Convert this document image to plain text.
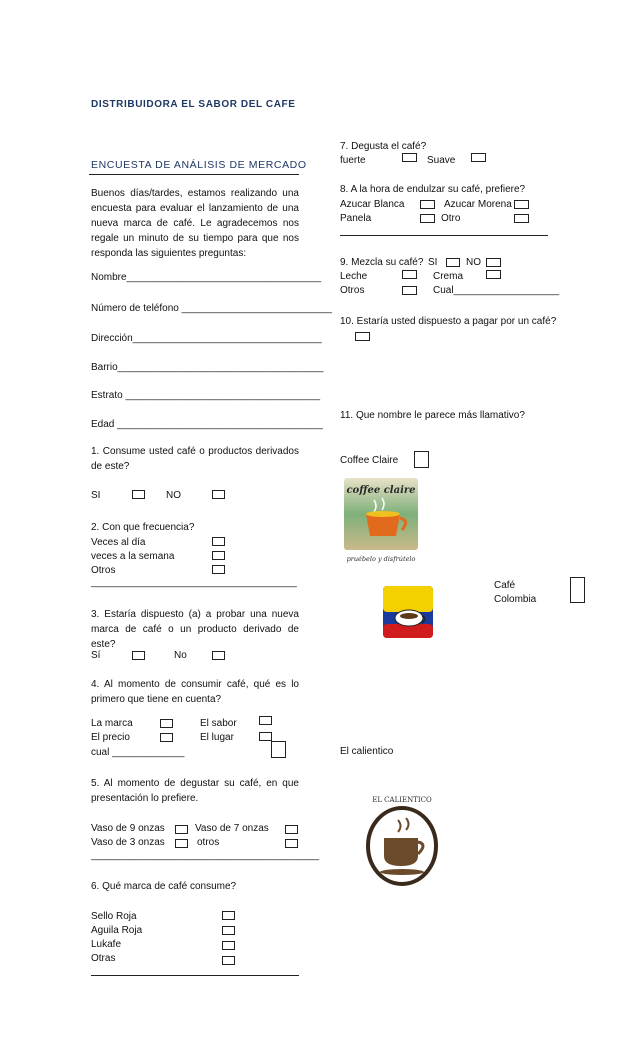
DISTRIBUIDORA EL SABOR DEL CAFE
ENCUESTA DE ANÁLISIS DE MERCADO
Buenos días/tardes, estamos realizando una encuesta para evaluar el lanzamiento de una nueva marca de café. Le agradecemos nos regale un minuto de su tiempo para que nos responda las siguientes preguntas:
Nombre___________________________________
Número de teléfono ___________________________
Dirección__________________________________
Barrio_____________________________________
Estrato ___________________________________
Edad _____________________________________
1. Consume usted café o productos derivados de este?
SI	NO
2. Con que frecuencia?
Veces al día
veces a la semana
Otros
_____________________________________
3. Estaría dispuesto (a) a probar una nueva marca de café o un producto derivado de este?
Sí	No
4. Al momento de consumir café, qué es lo primero que tiene en cuenta?
La marca	El sabor
El precio	El lugar
cual _____________
5. Al momento de degustar su café, en que presentación lo prefiere.
Vaso de 9 onzas	Vaso de 7 onzas
Vaso de 3 onzas	otros
_________________________________________
6. Qué marca de café consume?
Sello Roja
Aguila Roja
Lukafe
Otras
7. Degusta el café?
fuerte	Suave
8. A la hora de endulzar su café, prefiere?
Azucar Blanca	Azucar Morena
Panela	Otro
9. Mezcla su café? SI	NO
Leche	Crema
Otros	Cual___________________
10. Estaría usted dispuesto a pagar por un café?
11. Que nombre le parece más llamativo?
Coffee Claire
coffee claire
pruébelo y disfrútelo
Café
Colombia
El calientico
EL CALIENTICO
